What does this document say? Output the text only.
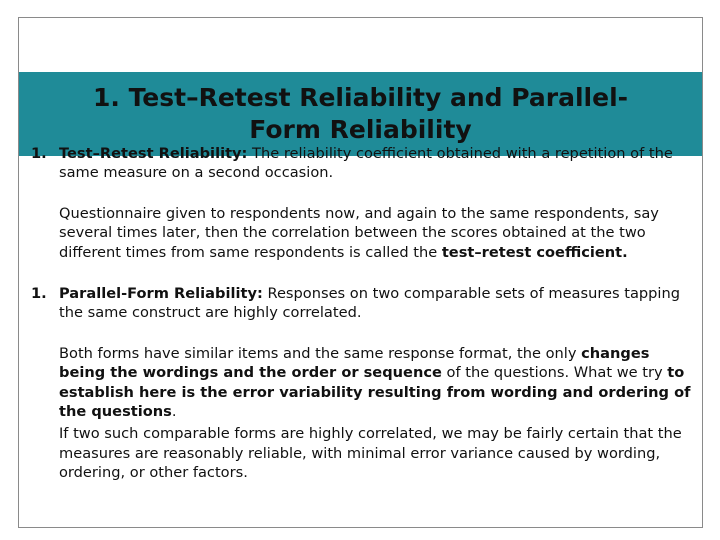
1. Test–Retest Reliability and Parallel-Form Reliability
1. Test–Retest Reliability: The reliability coefficient obtained with a repetition of the same measure on a second occasion.
Questionnaire given to respondents now, and again to the same respondents, say several times later, then the correlation between the scores obtained at the two different times from same respondents is called the test–retest coefficient.
1. Parallel-Form Reliability: Responses on two comparable sets of measures tapping the same construct are highly correlated.
Both forms have similar items and the same response format, the only changes being the wordings and the order or sequence of the questions. What we try to establish here is the error variability resulting from wording and ordering of the questions.
If two such comparable forms are highly correlated, we may be fairly certain that the measures are reasonably reliable, with minimal error variance caused by wording, ordering, or other factors.
